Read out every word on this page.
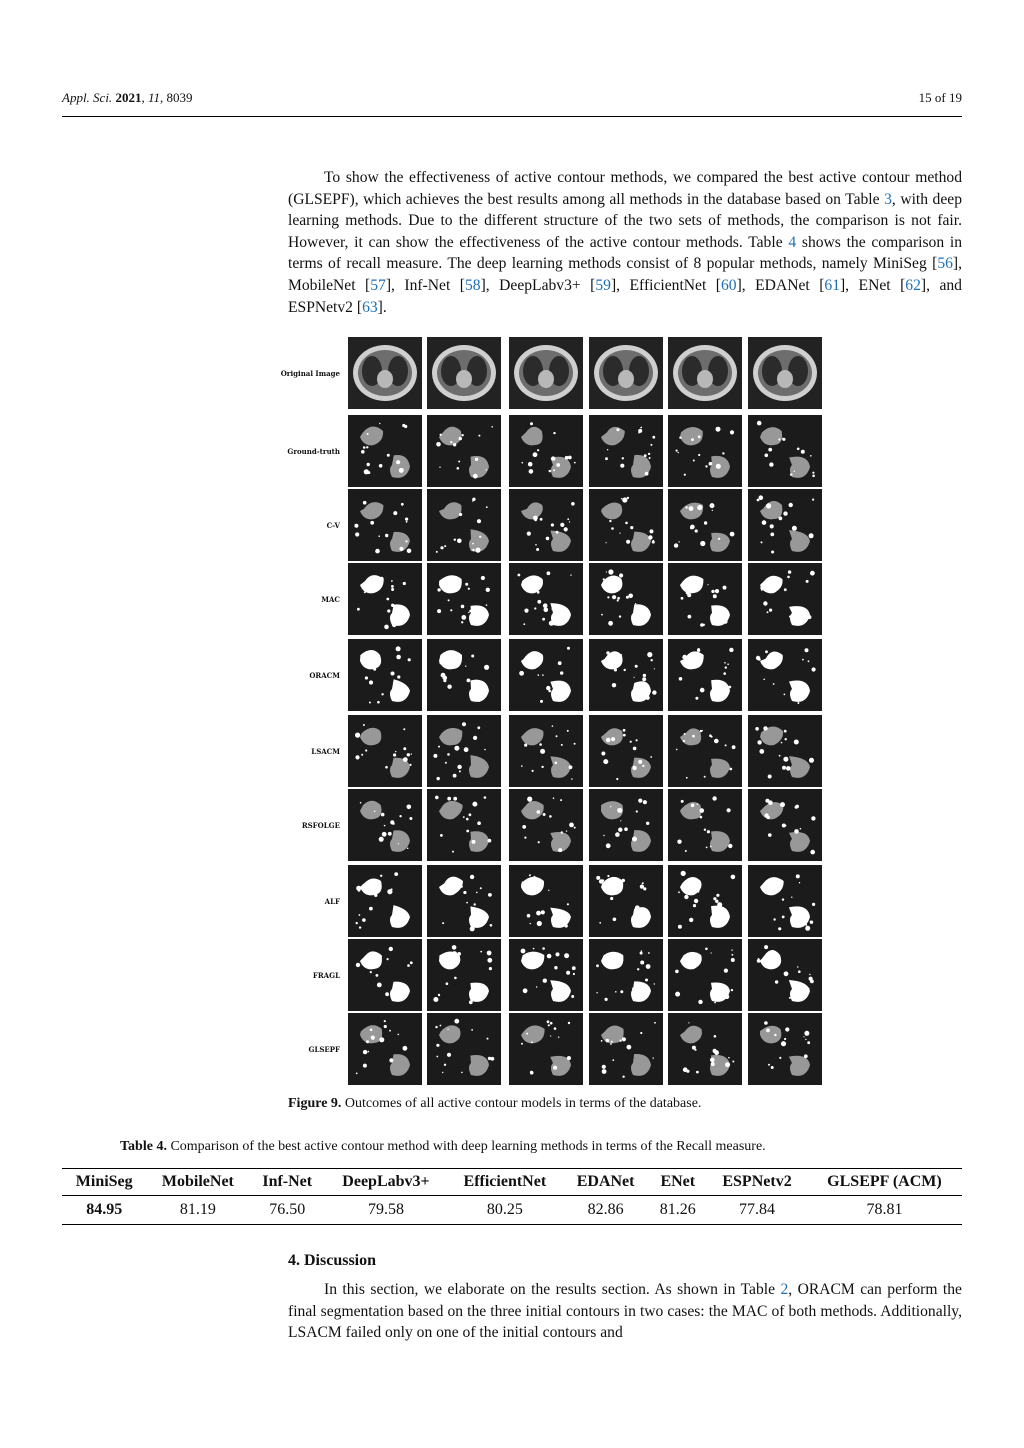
Appl. Sci. 2021, 11, 8039	15 of 19
To show the effectiveness of active contour methods, we compared the best active contour method (GLSEPF), which achieves the best results among all methods in the database based on Table 3, with deep learning methods. Due to the different structure of the two sets of methods, the comparison is not fair. However, it can show the effectiveness of the active contour methods. Table 4 shows the comparison in terms of recall measure. The deep learning methods consist of 8 popular methods, namely MiniSeg [56], MobileNet [57], Inf-Net [58], DeepLabv3+ [59], EfficientNet [60], EDANet [61], ENet [62], and ESPNetv2 [63].
Original Image
Ground-truth
C-V
MAC
ORACM
LSACM
RSFOLGE
ALF
FRAGL
GLSEPF
Figure 9. Outcomes of all active contour models in terms of the database.
Table 4. Comparison of the best active contour method with deep learning methods in terms of the Recall measure.
MiniSeg	MobileNet	Inf-Net	DeepLabv3+	EfficientNet	EDANet	ENet	ESPNetv2	GLSEPF (ACM)
84.95	81.19	76.50	79.58	80.25	82.86	81.26	77.84	78.81
4. Discussion
In this section, we elaborate on the results section. As shown in Table 2, ORACM can perform the final segmentation based on the three initial contours in two cases: the MAC of both methods. Additionally, LSACM failed only on one of the initial contours and
